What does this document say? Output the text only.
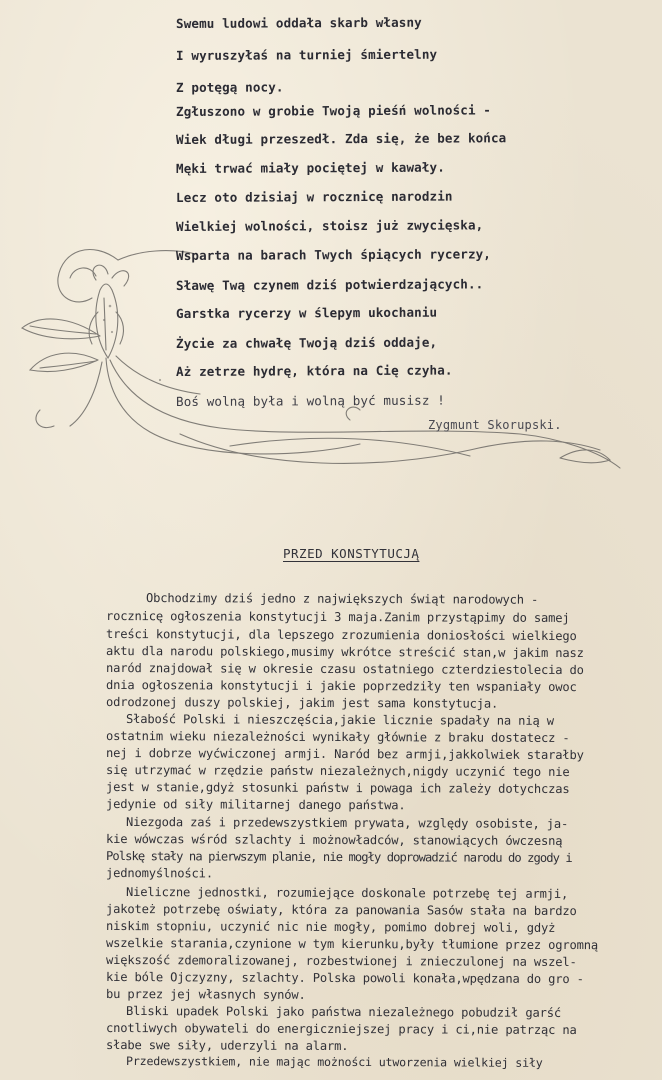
Swemu ludowi oddała skarb własny
I wyruszyłaś na turniej śmiertelny
Z potęgą nocy.
Zgłuszono w grobie Twoją pieśń wolności -
Wiek długi przeszedł. Zda się, że bez końca
Męki trwać miały pociętej w kawały.
Lecz oto dzisiaj w rocznicę narodzin
Wielkiej wolności, stoisz już zwycięska,
Wsparta na barach Twych śpiących rycerzy,
Sławę Twą czynem dziś potwierdzających..
Garstka rycerzy w ślepym ukochaniu
Życie za chwałę Twoją dziś oddaje,
Aż zetrze hydrę, która na Cię czyha.
Boś wolną była i wolną być musisz !
Zygmunt Skorupski.
PRZED KONSTYTUCJĄ
Obchodzimy dziś jedno z największych świąt narodowych -
rocznicę ogłoszenia konstytucji 3 maja.Zanim przystąpimy do samej
treści konstytucji, dla lepszego zrozumienia doniosłości wielkiego
aktu dla narodu polskiego,musimy wkrótce streścić stan,w jakim nasz
naród znajdował się w okresie czasu ostatniego czterdziestolecia do
dnia ogłoszenia konstytucji i jakie poprzedziły ten wspaniały owoc
odrodzonej duszy polskiej, jakim jest sama konstytucja.
Słabość Polski i nieszczęścia,jakie licznie spadały na nią w
ostatnim wieku niezależności wynikały głównie z braku dostatecz -
nej i dobrze wyćwiczonej armji. Naród bez armji,jakkolwiek starałby
się utrzymać w rzędzie państw niezależnych,nigdy uczynić tego nie
jest w stanie,gdyż stosunki państw i powaga ich zależy dotychczas
jedynie od siły militarnej danego państwa.
Niezgoda zaś i przedewszystkiem prywata, względy osobiste, ja-
kie wówczas wśród szlachty i możnowładców, stanowiących ówczesną
Polskę stały na pierwszym planie, nie mogły doprowadzić narodu do zgody i
jednomyślności.
Nieliczne jednostki, rozumiejące doskonale potrzebę tej armji,
jakoteż potrzebę oświaty, która za panowania Sasów stała na bardzo
niskim stopniu, uczynić nic nie mogły, pomimo dobrej woli, gdyż
wszelkie starania,czynione w tym kierunku,były tłumione przez ogromną
większość zdemoralizowanej, rozbestwionej i znieczulonej na wszel-
kie bóle Ojczyzny, szlachty. Polska powoli konała,wpędzana do gro -
bu przez jej własnych synów.
Bliski upadek Polski jako państwa niezależnego pobudził garść
cnotliwych obywateli do energiczniejszej pracy i ci,nie patrząc na
słabe swe siły, uderzyli na alarm.
Przedewszystkiem, nie mając możności utworzenia wielkiej siły
